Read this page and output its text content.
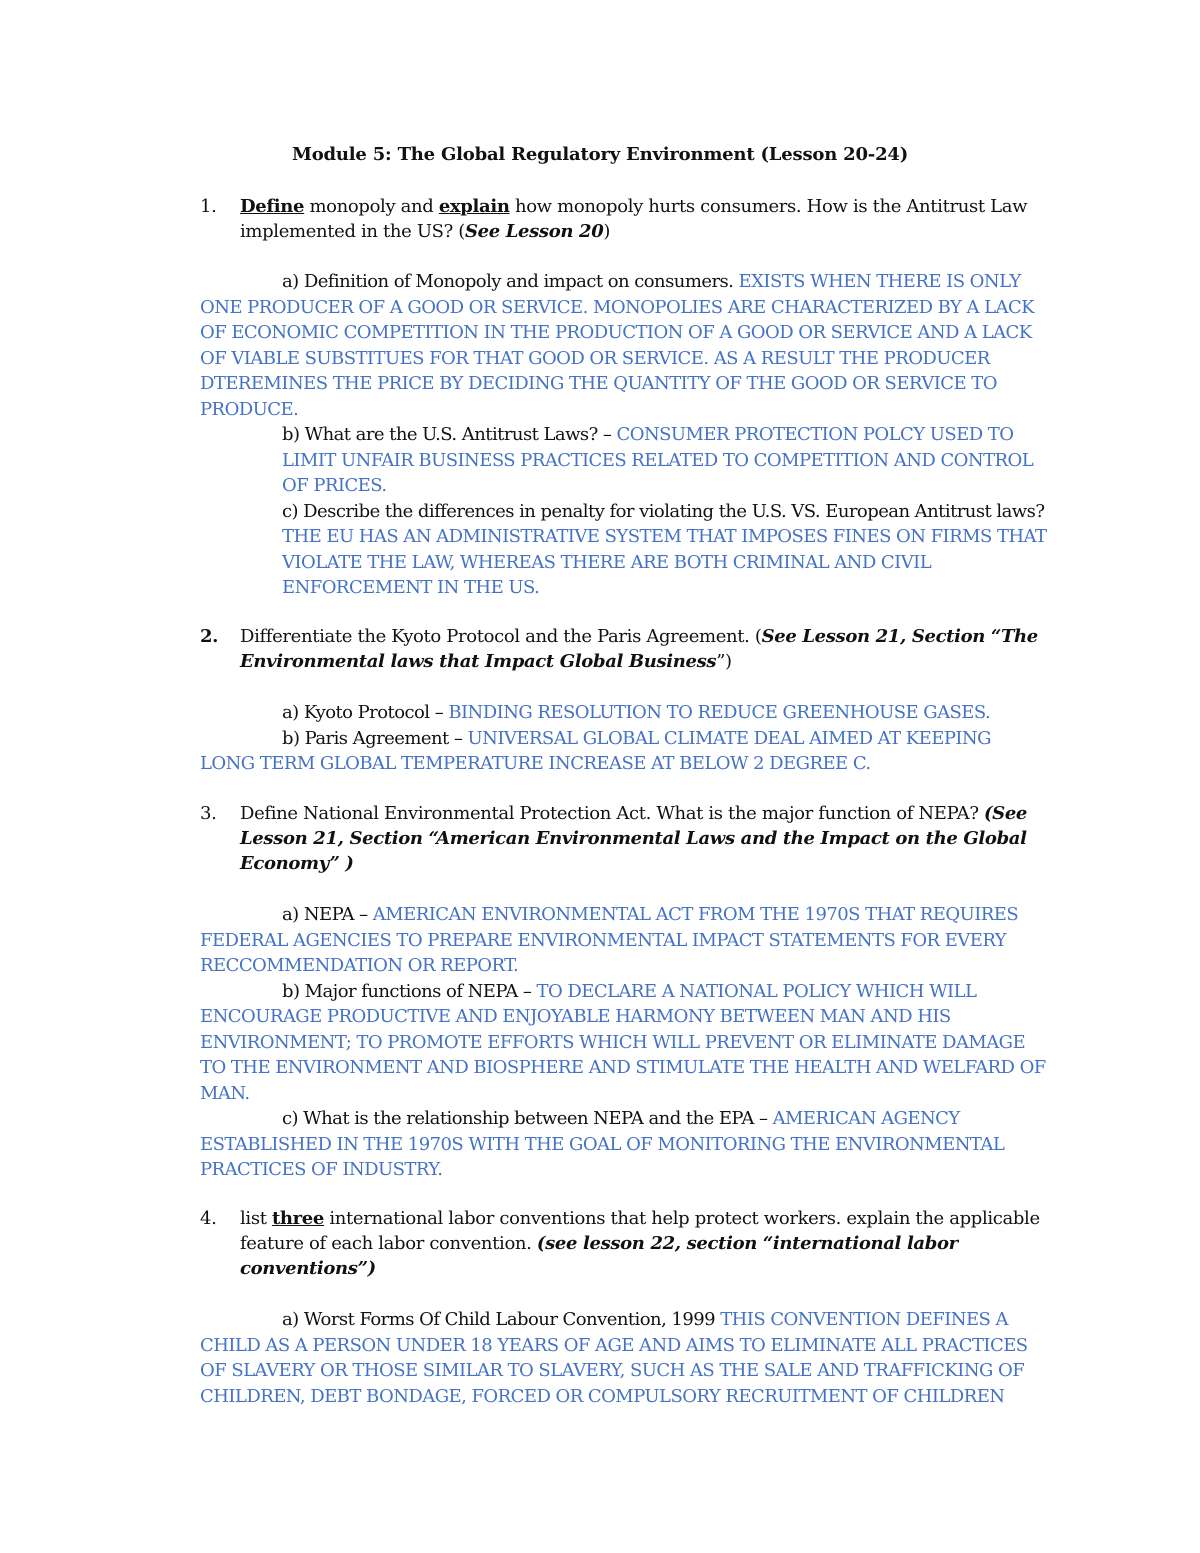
Module 5: The Global Regulatory Environment (Lesson 20-24)
1. Define monopoly and explain how monopoly hurts consumers. How is the Antitrust Law implemented in the US? (See Lesson 20)

a) Definition of Monopoly and impact on consumers. EXISTS WHEN THERE IS ONLY ONE PRODUCER OF A GOOD OR SERVICE. MONOPOLIES ARE CHARACTERIZED BY A LACK OF ECONOMIC COMPETITION IN THE PRODUCTION OF A GOOD OR SERVICE AND A LACK OF VIABLE SUBSTITUES FOR THAT GOOD OR SERVICE. AS A RESULT THE PRODUCER DTEREMINES THE PRICE BY DECIDING THE QUANTITY OF THE GOOD OR SERVICE TO PRODUCE.

b) What are the U.S. Antitrust Laws? – CONSUMER PROTECTION POLCY USED TO LIMIT UNFAIR BUSINESS PRACTICES RELATED TO COMPETITION AND CONTROL OF PRICES.

c) Describe the differences in penalty for violating the U.S. VS. European Antitrust laws? THE EU HAS AN ADMINISTRATIVE SYSTEM THAT IMPOSES FINES ON FIRMS THAT VIOLATE THE LAW, WHEREAS THERE ARE BOTH CRIMINAL AND CIVIL ENFORCEMENT IN THE US.

2. Differentiate the Kyoto Protocol and the Paris Agreement. (See Lesson 21, Section “The Environmental laws that Impact Global Business”)

a) Kyoto Protocol – BINDING RESOLUTION TO REDUCE GREENHOUSE GASES.

b) Paris Agreement – UNIVERSAL GLOBAL CLIMATE DEAL AIMED AT KEEPING LONG TERM GLOBAL TEMPERATURE INCREASE AT BELOW 2 DEGREE C.

3. Define National Environmental Protection Act. What is the major function of NEPA? (See Lesson 21, Section “American Environmental Laws and the Impact on the Global Economy” )

a) NEPA – AMERICAN ENVIRONMENTAL ACT FROM THE 1970S THAT REQUIRES FEDERAL AGENCIES TO PREPARE ENVIRONMENTAL IMPACT STATEMENTS FOR EVERY RECCOMMENDATION OR REPORT.

b) Major functions of NEPA – TO DECLARE A NATIONAL POLICY WHICH WILL ENCOURAGE PRODUCTIVE AND ENJOYABLE HARMONY BETWEEN MAN AND HIS ENVIRONMENT; TO PROMOTE EFFORTS WHICH WILL PREVENT OR ELIMINATE DAMAGE TO THE ENVIRONMENT AND BIOSPHERE AND STIMULATE THE HEALTH AND WELFARD OF MAN.

c) What is the relationship between NEPA and the EPA – AMERICAN AGENCY ESTABLISHED IN THE 1970S WITH THE GOAL OF MONITORING THE ENVIRONMENTAL PRACTICES OF INDUSTRY.

4. list three international labor conventions that help protect workers. explain the applicable feature of each labor convention. (see lesson 22, section “international labor conventions”)

a) Worst Forms Of Child Labour Convention, 1999 THIS CONVENTION DEFINES A CHILD AS A PERSON UNDER 18 YEARS OF AGE AND AIMS TO ELIMINATE ALL PRACTICES OF SLAVERY OR THOSE SIMILAR TO SLAVERY, SUCH AS THE SALE AND TRAFFICKING OF CHILDREN, DEBT BONDAGE, FORCED OR COMPULSORY RECRUITMENT OF CHILDREN
